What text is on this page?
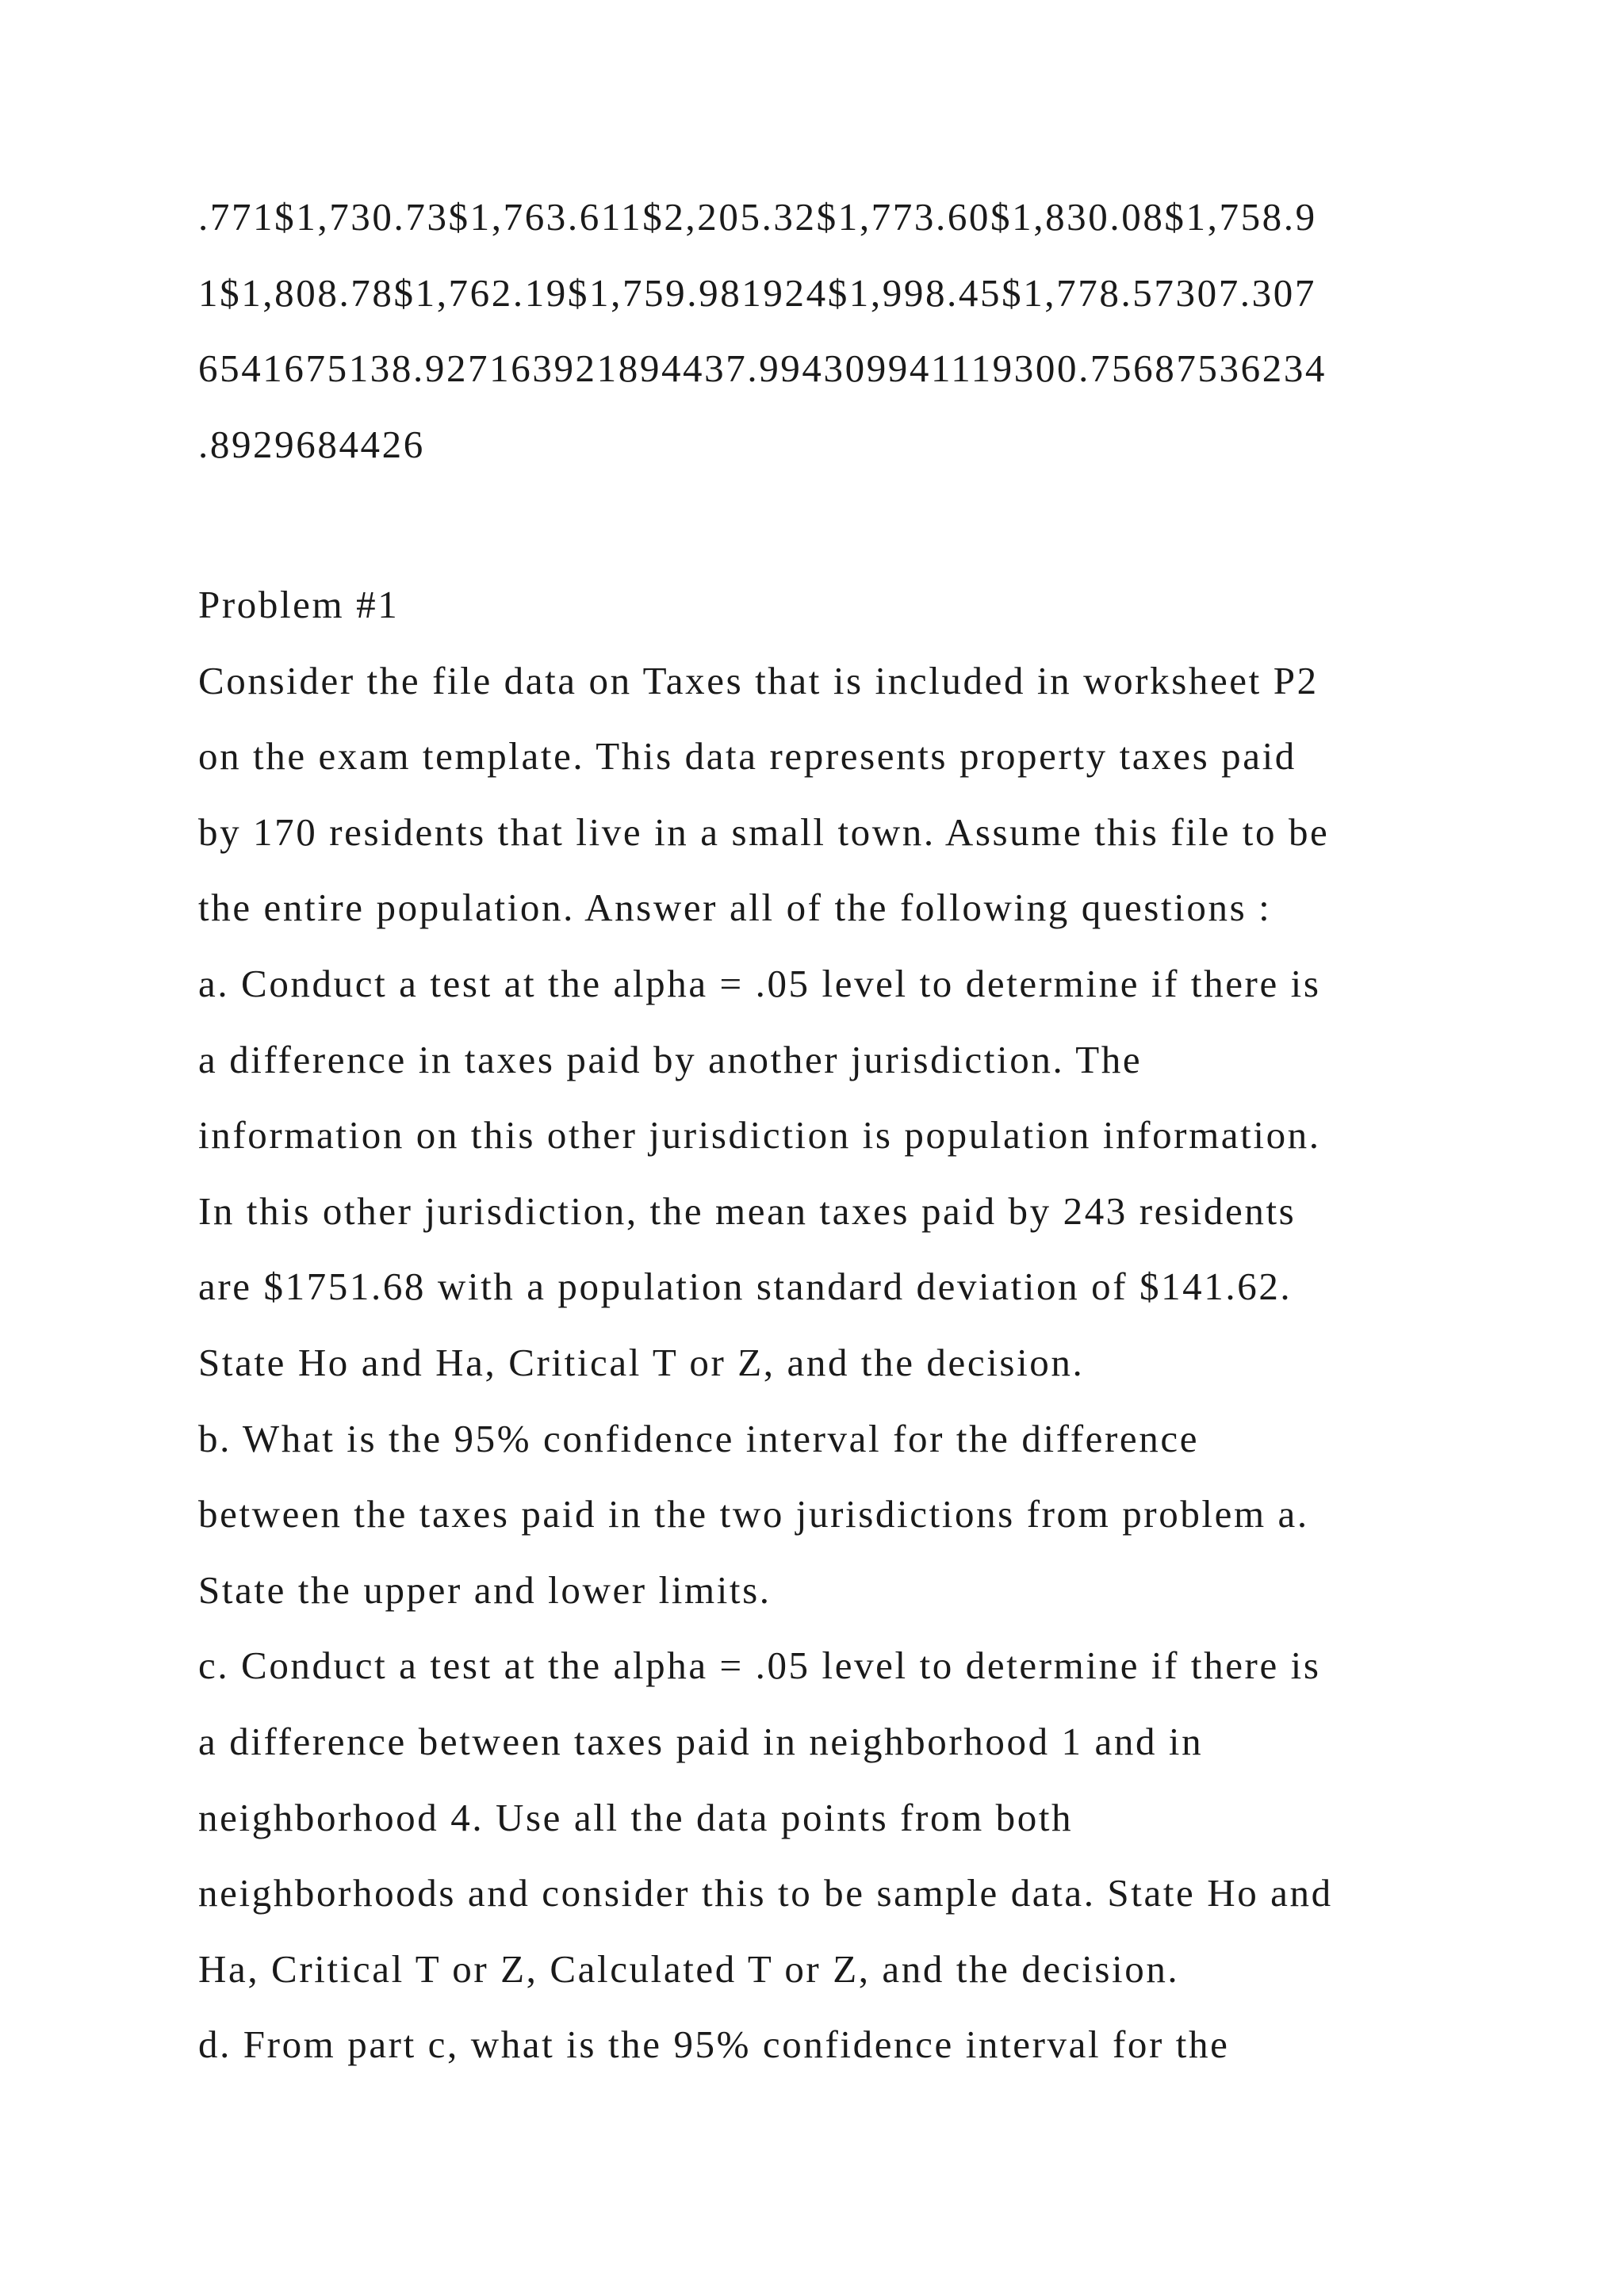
.771$1,730.73$1,763.611$2,205.32$1,773.60$1,830.08$1,758.9
1$1,808.78$1,762.19$1,759.981924$1,998.45$1,778.57307.307
6541675138.927163921894437.994309941119300.75687536234
.8929684426
Problem #1
Consider the file data on Taxes that is included in worksheet P2
on the exam template. This data represents property taxes paid
by 170 residents that live in a small town. Assume this file to be
the entire population. Answer all of the following questions :
a. Conduct a test at the alpha = .05 level to determine if there is
a difference in taxes paid by another jurisdiction. The
information on this other jurisdiction is population information.
In this other jurisdiction, the mean taxes paid by 243 residents
are $1751.68 with a population standard deviation of $141.62.
State Ho and Ha, Critical T or Z, and the decision.
b. What is the 95% confidence interval for the difference
between the taxes paid in the two jurisdictions from problem a.
State the upper and lower limits.
c. Conduct a test at the alpha = .05 level to determine if there is
a difference between taxes paid in neighborhood 1 and in
neighborhood 4. Use all the data points from both
neighborhoods and consider this to be sample data. State Ho and
Ha, Critical T or Z, Calculated T or Z, and the decision.
d. From part c, what is the 95% confidence interval for the
